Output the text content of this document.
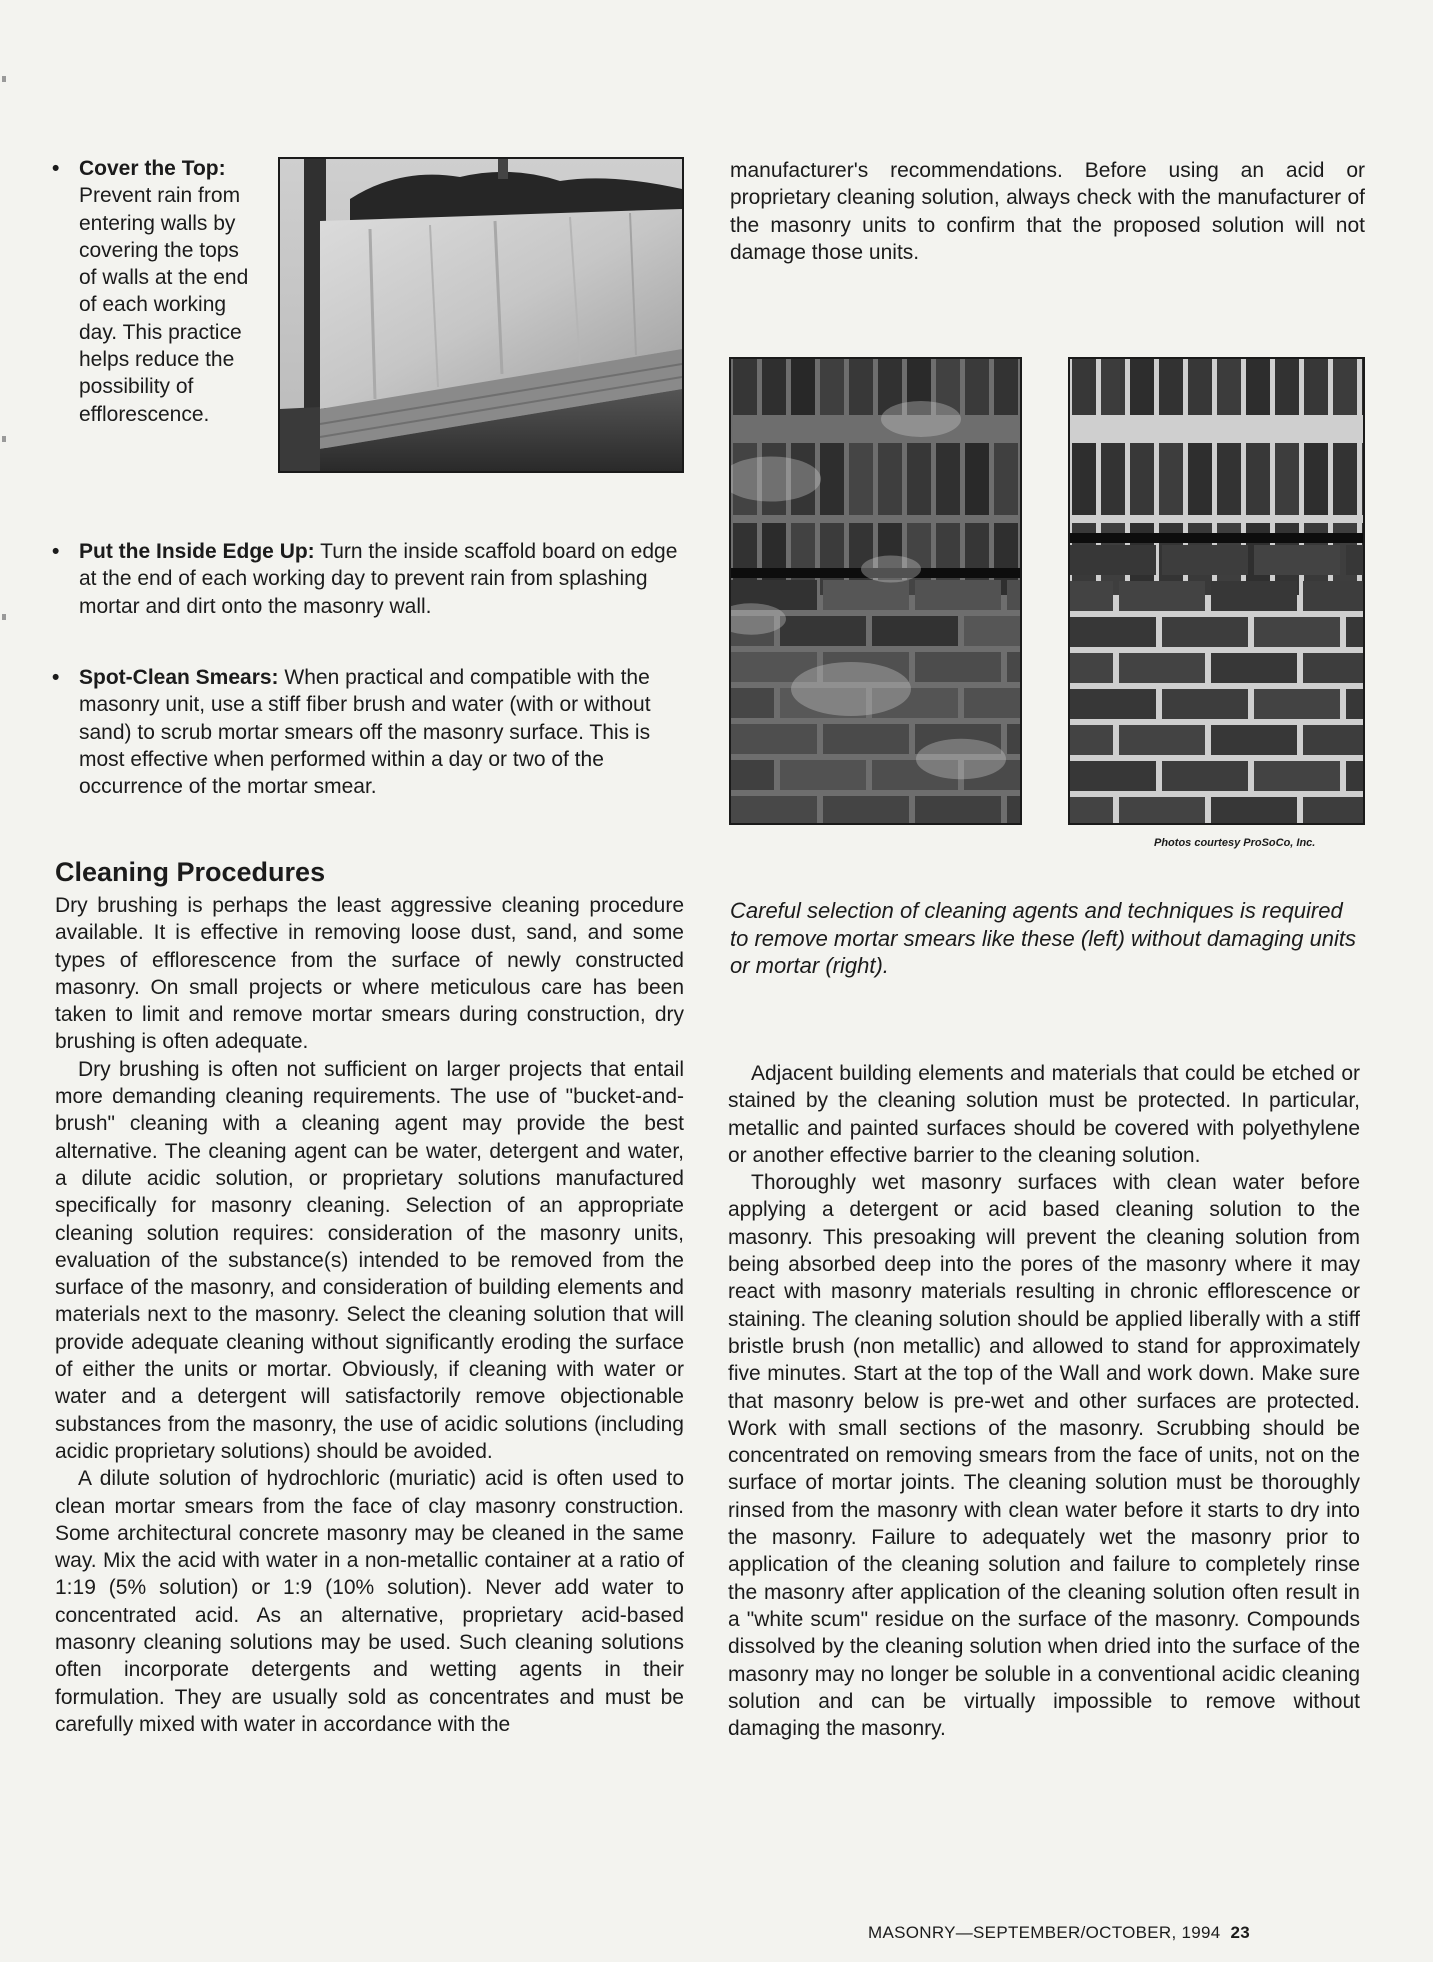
• Cover the Top: Prevent rain from entering walls by covering the tops of walls at the end of each working day. This practice helps reduce the possibility of efflorescence.
• Put the Inside Edge Up: Turn the inside scaffold board on edge at the end of each working day to prevent rain from splashing mortar and dirt onto the masonry wall.
• Spot-Clean Smears: When practical and compatible with the masonry unit, use a stiff fiber brush and water (with or without sand) to scrub mortar smears off the masonry surface. This is most effective when performed within a day or two of the occurrence of the mortar smear.
Cleaning Procedures

Dry brushing is perhaps the least aggressive cleaning procedure available. It is effective in removing loose dust, sand, and some types of efflorescence from the surface of newly constructed masonry. On small projects or where meticulous care has been taken to limit and remove mortar smears during construction, dry brushing is often adequate.

Dry brushing is often not sufficient on larger projects that entail more demanding cleaning requirements. The use of "bucket-and-brush" cleaning with a cleaning agent may provide the best alternative. The cleaning agent can be water, detergent and water, a dilute acidic solution, or proprietary solutions manufactured specifically for masonry cleaning. Selection of an appropriate cleaning solution requires: consideration of the masonry units, evaluation of the substance(s) intended to be removed from the surface of the masonry, and consideration of building elements and materials next to the masonry. Select the cleaning solution that will provide adequate cleaning without significantly eroding the surface of either the units or mortar. Obviously, if cleaning with water or water and a detergent will satisfactorily remove objectionable substances from the masonry, the use of acidic solutions (including acidic proprietary solutions) should be avoided.

A dilute solution of hydrochloric (muriatic) acid is often used to clean mortar smears from the face of clay masonry construction. Some architectural concrete masonry may be cleaned in the same way. Mix the acid with water in a non-metallic container at a ratio of 1:19 (5% solution) or 1:9 (10% solution). Never add water to concentrated acid. As an alternative, proprietary acid-based masonry cleaning solutions may be used. Such cleaning solutions often incorporate detergents and wetting agents in their formulation. They are usually sold as concentrates and must be carefully mixed with water in accordance with the

manufacturer's recommendations. Before using an acid or proprietary cleaning solution, always check with the manufacturer of the masonry units to confirm that the proposed solution will not damage those units.
Photos courtesy ProSoCo, Inc.
Careful selection of cleaning agents and techniques is required to remove mortar smears like these (left) without damaging units or mortar (right).

Adjacent building elements and materials that could be etched or stained by the cleaning solution must be protected. In particular, metallic and painted surfaces should be covered with polyethylene or another effective barrier to the cleaning solution.

Thoroughly wet masonry surfaces with clean water before applying a detergent or acid based cleaning solution to the masonry. This presoaking will prevent the cleaning solution from being absorbed deep into the pores of the masonry where it may react with masonry materials resulting in chronic efflorescence or staining. The cleaning solution should be applied liberally with a stiff bristle brush (non metallic) and allowed to stand for approximately five minutes. Start at the top of the Wall and work down. Make sure that masonry below is pre-wet and other surfaces are protected. Work with small sections of the masonry. Scrubbing should be concentrated on removing smears from the face of units, not on the surface of mortar joints. The cleaning solution must be thoroughly rinsed from the masonry with clean water before it starts to dry into the masonry. Failure to adequately wet the masonry prior to application of the cleaning solution and failure to completely rinse the masonry after application of the cleaning solution often result in a "white scum" residue on the surface of the masonry. Compounds dissolved by the cleaning solution when dried into the surface of the masonry may no longer be soluble in a conventional acidic cleaning solution and can be virtually impossible to remove without damaging the masonry.

MASONRY—SEPTEMBER/OCTOBER, 1994 23
